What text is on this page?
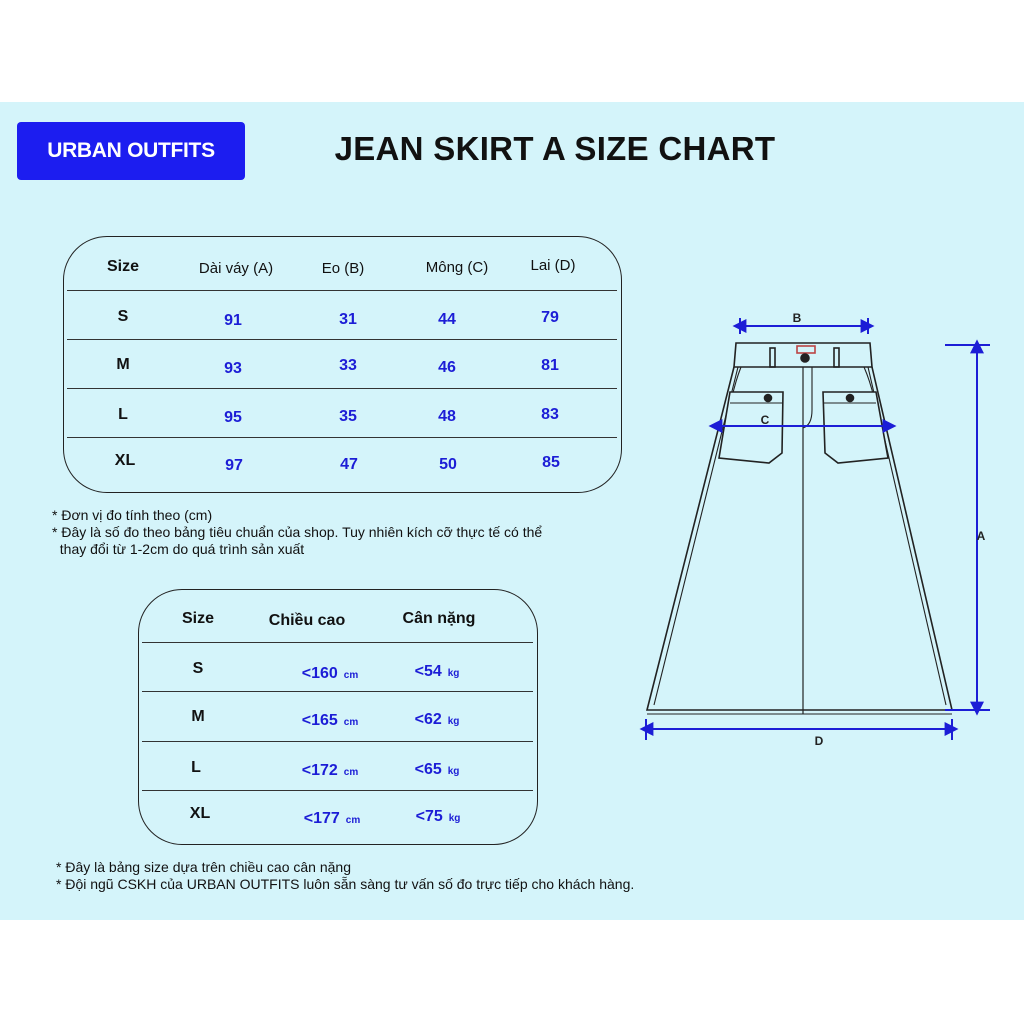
URBAN OUTFITS	JEAN SKIRT A SIZE CHART
Size	Dài váy (A)	Eo (B)	Mông (C)	Lai (D)
S	91	31	44	79
M	93	33	46	81
L	95	35	48	83
XL	97	47	50	85
* Đơn vị đo tính theo (cm)
* Đây là số đo theo bảng tiêu chuẩn của shop. Tuy nhiên kích cỡ thực tế có thể
thay đổi từ 1-2cm do quá trình sản xuất
Size	Chiều cao	Cân nặng
S	<160 cm	<54 kg
M	<165 cm	<62 kg
L	<172 cm	<65 kg
XL	<177 cm	<75 kg
* Đây là bảng size dựa trên chiều cao cân nặng
* Đội ngũ CSKH của URBAN OUTFITS luôn sẵn sàng tư vấn số đo trực tiếp cho khách hàng.
B
C
D
A
